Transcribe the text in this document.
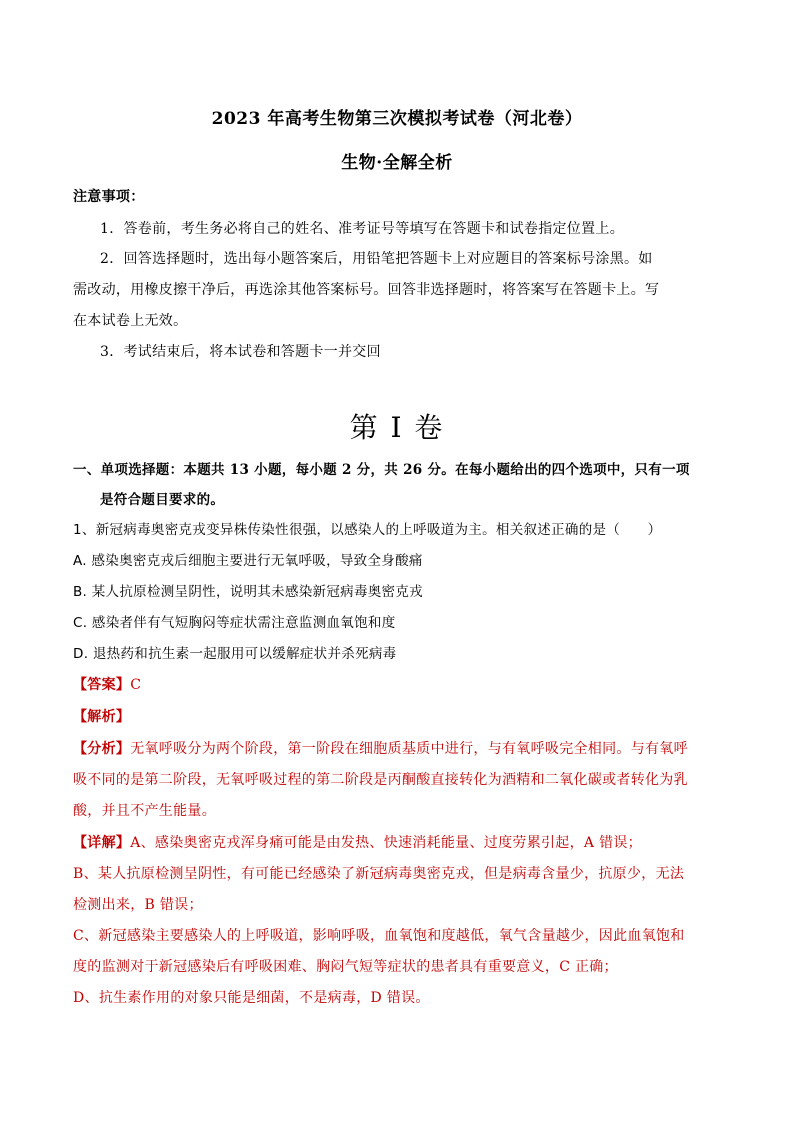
2023 年高考生物第三次模拟考试卷（河北卷）
生物·全解全析
注意事项：
1．答卷前，考生务必将自己的姓名、准考证号等填写在答题卡和试卷指定位置上。
2．回答选择题时，选出每小题答案后，用铅笔把答题卡上对应题目的答案标号涂黑。如
需改动，用橡皮擦干净后，再选涂其他答案标号。回答非选择题时，将答案写在答题卡上。写
在本试卷上无效。
3．考试结束后，将本试卷和答题卡一并交回
第 I 卷
一、单项选择题：本题共 13 小题，每小题 2 分，共 26 分。在每小题给出的四个选项中，只有一项
是符合题目要求的。
1、新冠病毒奥密克戎变异株传染性很强，以感染人的上呼吸道为主。相关叙述正确的是（　　）
A. 感染奥密克戎后细胞主要进行无氧呼吸，导致全身酸痛
B. 某人抗原检测呈阴性，说明其未感染新冠病毒奥密克戎
C. 感染者伴有气短胸闷等症状需注意监测血氧饱和度
D. 退热药和抗生素一起服用可以缓解症状并杀死病毒
【答案】C
【解析】
【分析】无氧呼吸分为两个阶段，第一阶段在细胞质基质中进行，与有氧呼吸完全相同。与有氧呼
吸不同的是第二阶段，无氧呼吸过程的第二阶段是丙酮酸直接转化为酒精和二氧化碳或者转化为乳
酸，并且不产生能量。
【详解】A、感染奥密克戎浑身痛可能是由发热、快速消耗能量、过度劳累引起，A 错误；
B、某人抗原检测呈阴性，有可能已经感染了新冠病毒奥密克戎，但是病毒含量少，抗原少，无法
检测出来，B 错误；
C、新冠感染主要感染人的上呼吸道，影响呼吸，血氧饱和度越低，氧气含量越少，因此血氧饱和
度的监测对于新冠感染后有呼吸困难、胸闷气短等症状的患者具有重要意义，C 正确；
D、抗生素作用的对象只能是细菌，不是病毒，D 错误。
